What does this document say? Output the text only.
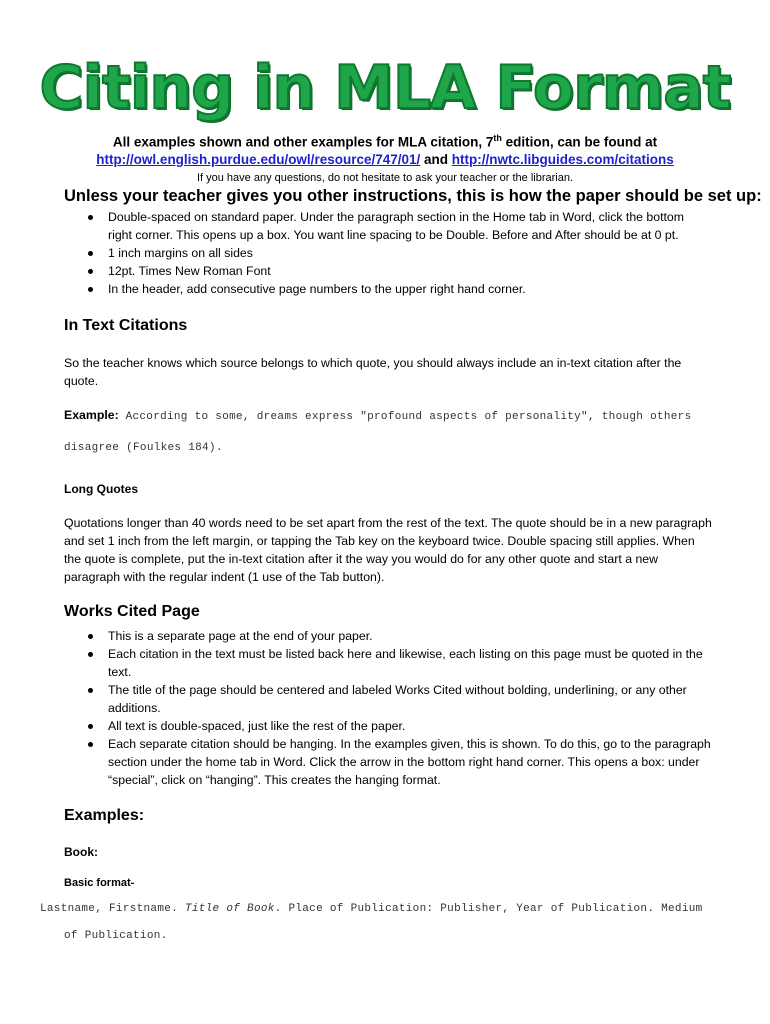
Citing in MLA Format
All examples shown and other examples for MLA citation, 7th edition, can be found at
http://owl.english.purdue.edu/owl/resource/747/01/ and http://nwtc.libguides.com/citations
If you have any questions, do not hesitate to ask your teacher or the librarian.
Unless your teacher gives you other instructions, this is how the paper should be set up:
Double-spaced on standard paper. Under the paragraph section in the Home tab in Word, click the bottom right corner. This opens up a box. You want line spacing to be Double. Before and After should be at 0 pt.
1 inch margins on all sides
12pt. Times New Roman Font
In the header, add consecutive page numbers to the upper right hand corner.
In Text Citations
So the teacher knows which source belongs to which quote, you should always include an in-text citation after the quote.
Example: According to some, dreams express "profound aspects of personality", though others
disagree (Foulkes 184).
Long Quotes
Quotations longer than 40 words need to be set apart from the rest of the text. The quote should be in a new paragraph and set 1 inch from the left margin, or tapping the Tab key on the keyboard twice. Double spacing still applies. When the quote is complete, put the in-text citation after it the way you would do for any other quote and start a new paragraph with the regular indent (1 use of the Tab button).
Works Cited Page
This is a separate page at the end of your paper.
Each citation in the text must be listed back here and likewise, each listing on this page must be quoted in the text.
The title of the page should be centered and labeled Works Cited without bolding, underlining, or any other additions.
All text is double-spaced, just like the rest of the paper.
Each separate citation should be hanging. In the examples given, this is shown. To do this, go to the paragraph section under the home tab in Word. Click the arrow in the bottom right hand corner. This opens a box: under “special”, click on “hanging”. This creates the hanging format.
Examples:
Book:
Basic format-
Lastname, Firstname. Title of Book. Place of Publication: Publisher, Year of Publication. Medium
of Publication.
